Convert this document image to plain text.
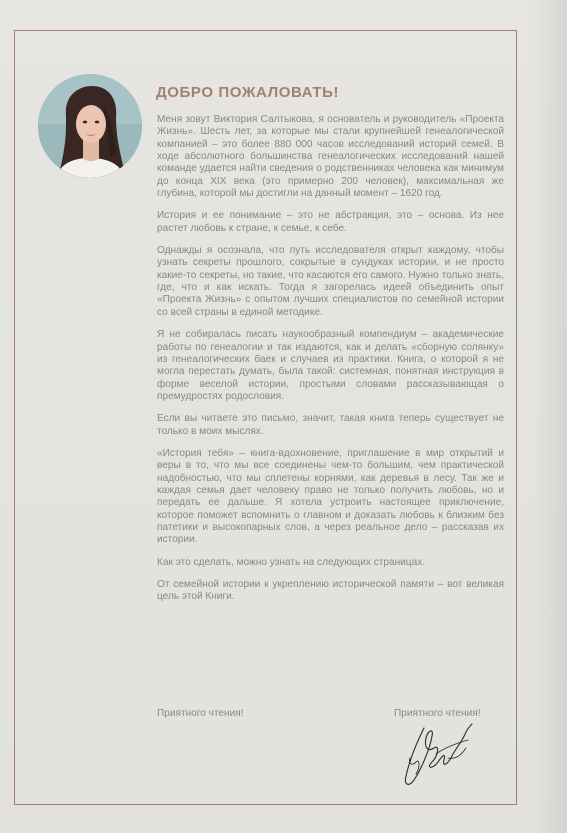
ДОБРО ПОЖАЛОВАТЬ!

Меня зовут Виктория Салтыкова, я основатель и руководитель «Проекта Жизнь». Шесть лет, за которые мы стали крупнейшей генеалогической компанией – это более 880 000 часов исследований историй семей. В ходе абсолютного большинства генеалогических исследований нашей команде удается найти сведения о родственниках человека как минимум до конца XIX века (это примерно 200 человек), максимальная же глубина, которой мы достигли на данный момент – 1620 год.

История и ее понимание – это не абстракция, это – основа. Из нее растет любовь к стране, к семье, к себе.

Однажды я осознала, что путь исследователя открыт каждому, чтобы узнать секреты прошлого, сокрытые в сундуках истории, и не просто какие-то секреты, но такие, что касаются его самого. Нужно только знать, где, что и как искать. Тогда я загорелась идеей объединить опыт «Проекта Жизнь» с опытом лучших специалистов по семейной истории со всей страны в единой методике.

Я не собиралась писать наукообразный компендиум – академические работы по генеалогии и так издаются, как и делать «сборную солянку» из генеалогических баек и случаев из практики. Книга, о которой я не могла перестать думать, была такой: системная, понятная инструкция в форме веселой истории, простыми словами рассказывающая о премудростях родословия.

Если вы читаете это письмо, значит, такая книга теперь существует не только в моих мыслях.

«История тебя» – книга-вдохновение, приглашение в мир открытий и веры в то, что мы все соединены чем-то большим, чем практической надобностью, что мы сплетены корнями, как деревья в лесу. Так же и каждая семья дает человеку право не только получить любовь, но и передать ее дальше. Я хотела устроить настоящее приключение, которое поможет вспомнить о главном и доказать любовь к близким без патетики и высокопарных слов, а через реальное дело – рассказав их истории.

Как это сделать, можно узнать на следующих страницах.

От семейной истории к укреплению исторической памяти – вот великая цель этой Книги.

Приятного чтения!	Приятного чтения!
